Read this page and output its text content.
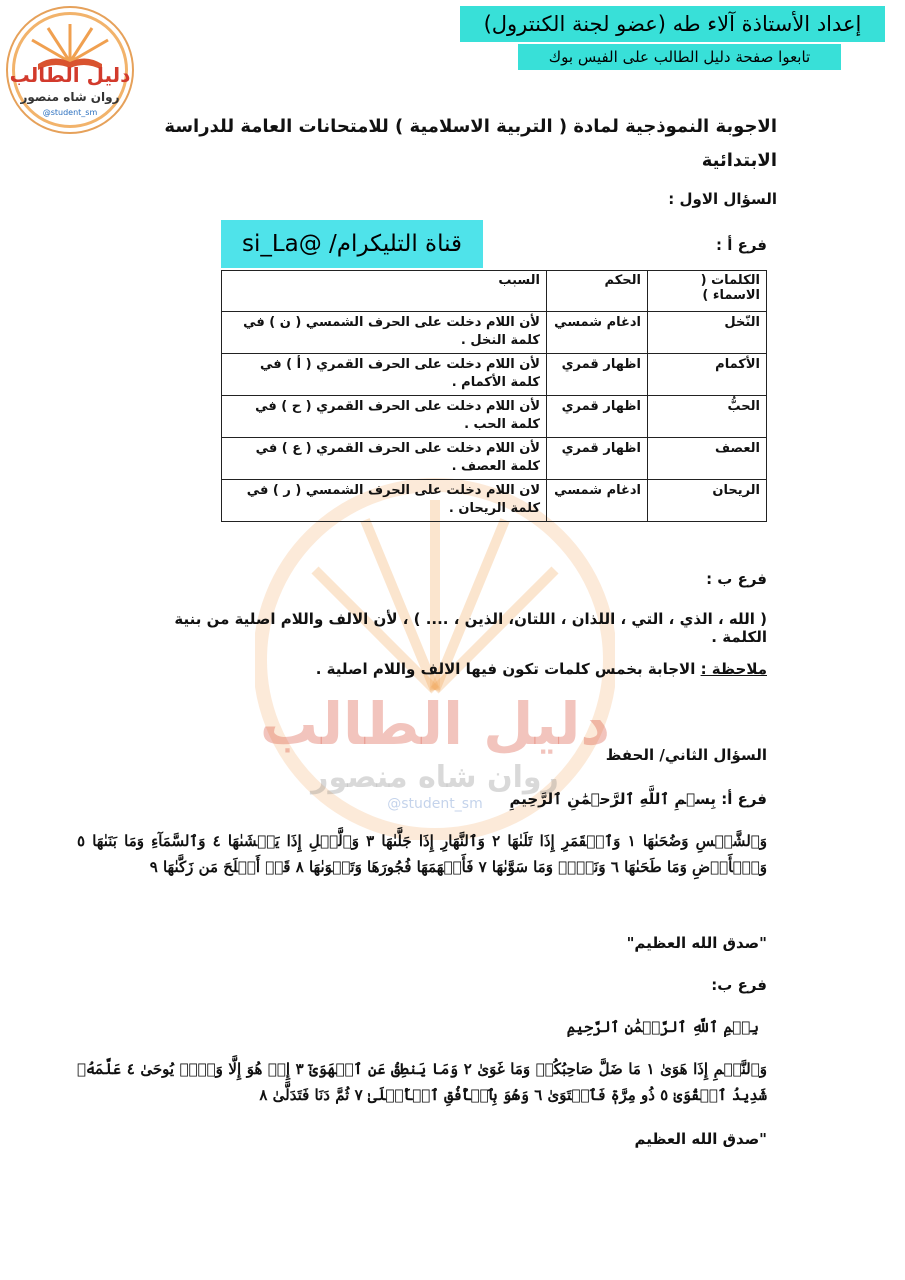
إعداد الأستاذة آلاء طه (عضو لجنة الكنترول)
تابعوا صفحة دليل الطالب على الفيس بوك
دليل الطالب
روان شاه منصور
@student_sm
دليل الطالب
روان شاه منصور
@student_sm
الاجوبة النموذجية لمادة ( التربية الاسلامية ) للامتحانات العامة للدراسة الابتدائية
السؤال الاول :
فرع أ :
قناة التليكرام/ @si_La
الكلمات ( الاسماء )	الحكم	السبب
النّخل	ادغام شمسي	لأن اللام دخلت على الحرف الشمسي ( ن ) في كلمة النخل .
الأكمام	اظهار قمري	لأن اللام دخلت على الحرف القمري ( أ ) في كلمة الأكمام .
الحبُّ	اظهار قمري	لأن اللام دخلت على الحرف القمري ( ح ) في كلمة الحب .
العصف	اظهار قمري	لأن اللام دخلت على الحرف القمري ( ع ) في كلمة العصف .
الريحان	ادغام شمسي	لان اللام دخلت على الحرف الشمسي ( ر ) في كلمة الريحان .
فرع ب :
( الله ، الذي ، التي ، اللذان ، اللتان، الذين ، .... ) ، لأن الالف واللام اصلية من بنية الكلمة .
ملاحظة : الاجابة بخمس كلمات تكون فيها الالف واللام اصلية .
السؤال الثاني/ الحفظ
فرع أ: بِسۡمِ ٱللَّهِ ٱلرَّحۡمَٰنِ ٱلرَّحِيمِ
وَٱلشَّمۡسِ وَضُحَىٰهَا ١ وَٱلۡقَمَرِ إِذَا تَلَىٰهَا ٢ وَٱلنَّهَارِ إِذَا جَلَّىٰهَا ٣ وَٱلَّيۡلِ إِذَا يَغۡشَىٰهَا ٤ وَٱلسَّمَآءِ وَمَا بَنَىٰهَا ٥ وَٱلۡأَرۡضِ وَمَا طَحَىٰهَا ٦ وَنَفۡسٖ وَمَا سَوَّىٰهَا ٧ فَأَلۡهَمَهَا فُجُورَهَا وَتَقۡوَىٰهَا ٨ قَدۡ أَفۡلَحَ مَن زَكَّىٰهَا ٩
"صدق الله العظيم"
فرع ب:
بِسۡمِ ٱللَّهِ ٱلرَّحۡمَٰنِ ٱلرَّحِيمِ
وَٱلنَّجۡمِ إِذَا هَوَىٰ ١ مَا ضَلَّ صَاحِبُكُمۡ وَمَا غَوَىٰ ٢ وَمَا يَنطِقُ عَنِ ٱلۡهَوَىٰٓ ٣ إِنۡ هُوَ إِلَّا وَحۡيٞ يُوحَىٰ ٤ عَلَّمَهُۥ شَدِيدُ ٱلۡقُوَىٰ ٥ ذُو مِرَّةٖ فَٱسۡتَوَىٰ ٦ وَهُوَ بِٱلۡأُفُقِ ٱلۡأَعۡلَىٰ ٧ ثُمَّ دَنَا فَتَدَلَّىٰ ٨
"صدق الله العظيم
